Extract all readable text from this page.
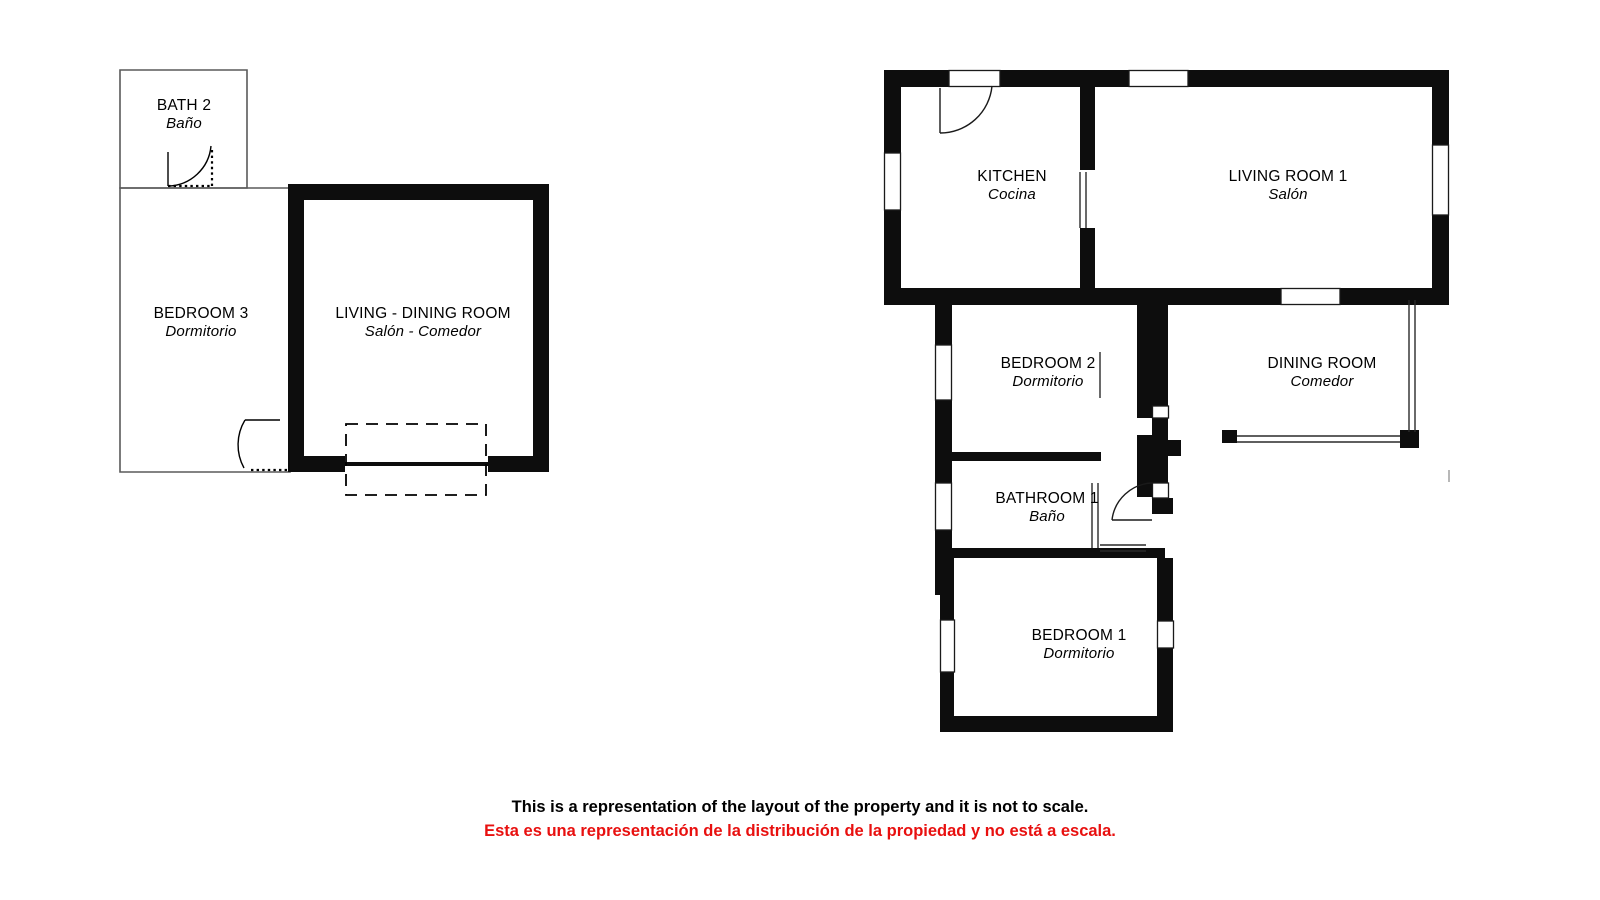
BATH 2
Baño
BEDROOM 3
Dormitorio
LIVING - DINING ROOM
Salón - Comedor
KITCHEN
Cocina
LIVING ROOM 1
Salón
BEDROOM 2
Dormitorio
DINING ROOM
Comedor
BATHROOM 1
Baño
BEDROOM 1
Dormitorio
This is a representation of the layout of the property and it is not to scale.
Esta es una representación de la distribución de la propiedad y no está a escala.
